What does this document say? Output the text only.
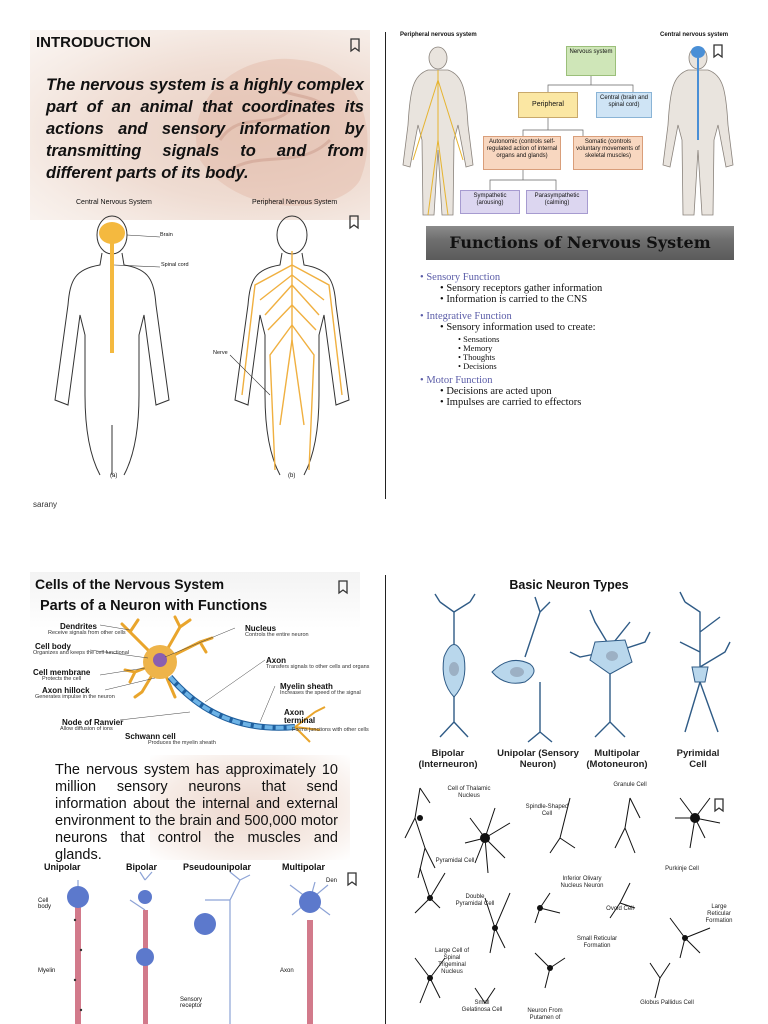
INTRODUCTION

The nervous system is a highly complex part of an animal that coordinates its actions and sensory information by transmitting signals to and from different parts of its body.

Central Nervous System	Peripheral Nervous System
Brain
Spinal cord
Nerve
(a)	(b)
sarany
Peripheral nervous system	Central nervous system
Nervous system
Peripheral
Central (brain and spinal cord)
Autonomic (controls self-regulated action of internal organs and glands)
Somatic (controls voluntary movements of skeletal muscles)
Sympathetic (arousing)
Parasympathetic (calming)
Functions of Nervous System
• Sensory Function
• Sensory receptors gather information
• Information is carried to the CNS
• Integrative Function
• Sensory information used to create:
• Sensations
• Memory
• Thoughts
• Decisions
• Motor Function
• Decisions are acted upon
• Impulses are carried to effectors
Cells of the Nervous System
Parts of a Neuron with Functions
Dendrites
Receive signals from other cells
Cell body
Organizes and keeps the cell functional
Cell membrane
Protects the cell
Axon hillock
Generates impulse in the neuron
Node of Ranvier
Allow diffusion of ions
Schwann cell
Produces the myelin sheath
Nucleus
Controls the entire neuron
Axon
Transfers signals to other cells and organs
Myelin sheath
Increases the speed of the signal
Axon terminal
Forms junctions with other cells

The nervous system has approximately 10 million sensory neurons that send information about the internal and external environment to the brain and 500,000 motor neurons that control the muscles and glands.

Unipolar	Bipolar	Pseudounipolar	Multipolar
Cell body
Myelin	Axon
Den
Sensory receptor
Basic Neuron Types
Bipolar (Interneuron)
Unipolar (Sensory Neuron)
Multipolar (Motoneuron)
Pyrimidal Cell
Cell of Thalamic Nucleus
Spindle-Shaped Cell
Granule Cell
Pyramidal Cell
Purkinje Cell
Inferior Olivary Nucleus Neuron
Double Pyramidal Cell
Ovoid Cell	Large Reticular Formation
Large Cell of Spinal Trigeminal Nucleus
Small Reticular Formation
Small Gelatinosa Cell	Neuron From Putamen of
Globus Pallidus Cell
